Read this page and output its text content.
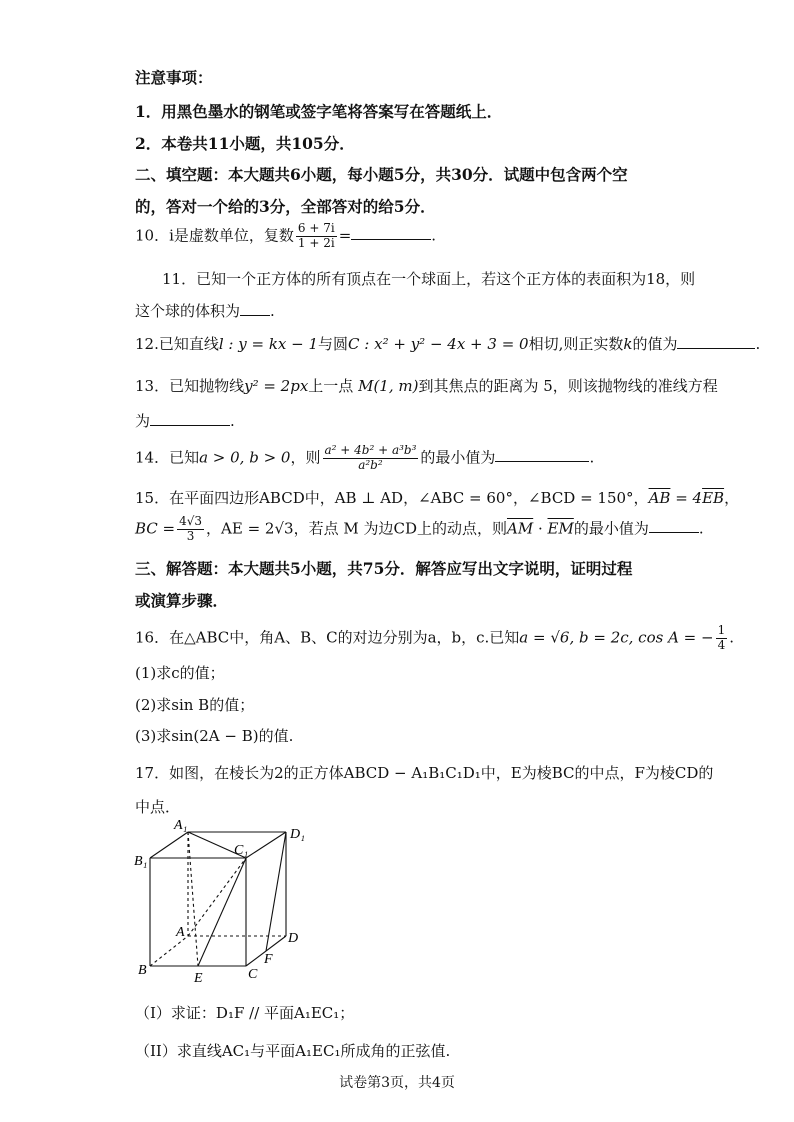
注意事项：
1．用黑色墨水的钢笔或签字笔将答案写在答题纸上．
2．本卷共11小题，共105分．
二、填空题：本大题共6小题，每小题5分，共30分．试题中包含两个空
的，答对一个给的3分，全部答对的给5分．
10．i是虚数单位，复数 $\frac{6 + 7i}{1 + 2i}$ =	.
11．已知一个正方体的所有顶点在一个球面上，若这个正方体的表面积为18，则
这个球的体积为 .
12.已知直线l : y = kx − 1与圆C : x² + y² − 4x + 3 = 0相切,则正实数k的值为	.
13．已知抛物线y² = 2px上一点 M(1, m)到其焦点的距离为 5，则该抛物线的准线方程
为	.
14．已知a > 0, b > 0，则 $\frac{\text{a² + 4b² + a³b³}}{\text{a²b²}}$ 的最小值为	.
15．在平面四边形ABCD中，AB ⊥ AD，∠ABC = 60°，∠BCD = 150°，$\overline{AB} = 4\overline{EB}$，
BC = $\frac{4√3}{3}$ ，AE = 2√3，若点 M 为边CD上的动点，则$\overline{AM} \cdot \overline{EM}$的最小值为	.
三、解答题：本大题共5小题，共75分．解答应写出文字说明，证明过程
或演算步骤．
16．在△ABC中，角A、B、C的对边分别为a，b，c.已知a = √6, b = 2c, cos A = − $\frac{1}{4}$ .
(1)求c的值；
(2)求sin B的值；
(3)求sin(2A − B)的值.
17．如图，在棱长为2的正方体ABCD − A₁B₁C₁D₁中，E为棱BC的中点，F为棱CD的
中点．
A₁
D₁
B₁
C₁
A	D
B	C
E
F
（I）求证：D₁F // 平面A₁EC₁；
（II）求直线AC₁与平面A₁EC₁所成角的正弦值.
试卷第3页，共4页
